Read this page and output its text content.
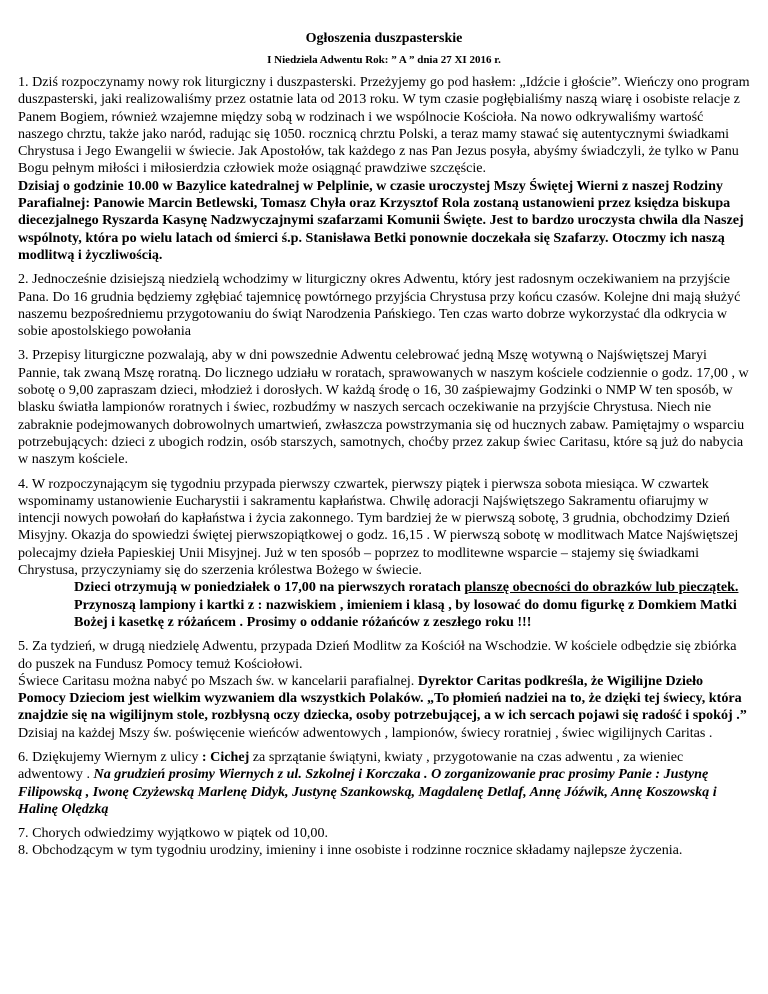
Ogłoszenia duszpasterskie
I Niedziela Adwentu Rok: ” A ” dnia 27 XI 2016 r.
1. Dziś rozpoczynamy nowy rok liturgiczny i duszpasterski. Przeżyjemy go pod hasłem: „Idźcie i głoście”. Wieńczy ono program duszpasterski, jaki realizowaliśmy przez ostatnie lata od 2013 roku. W tym czasie pogłębialiśmy naszą wiarę i osobiste relacje z Panem Bogiem, również wzajemne między sobą w rodzinach i we wspólnocie Kościoła. Na nowo odkrywaliśmy wartość naszego chrztu, także jako naród, radując się 1050. rocznicą chrztu Polski, a teraz mamy stawać się autentycznymi świadkami Chrystusa i Jego Ewangelii w świecie. Jak Apostołów, tak każdego z nas Pan Jezus posyła, abyśmy świadczyli, że tylko w Panu Bogu pełnym miłości i miłosierdzia człowiek może osiągnąć prawdziwe szczęście.
Dzisiaj o godzinie 10.00 w Bazylice katedralnej w Pelplinie, w czasie uroczystej Mszy Świętej Wierni z naszej Rodziny Parafialnej: Panowie Marcin Betlewski, Tomasz Chyła oraz Krzysztof Rola zostaną ustanowieni przez księdza biskupa diecezjalnego Ryszarda Kasynę Nadzwyczajnymi szafarzami Komunii Święte. Jest to bardzo uroczysta chwila dla Naszej wspólnoty, która po wielu latach od śmierci ś.p. Stanisława Betki ponownie doczekała się Szafarzy. Otoczmy ich naszą modlitwą i życzliwością.
2. Jednocześnie dzisiejszą niedzielą wchodzimy w liturgiczny okres Adwentu, który jest radosnym oczekiwaniem na przyjście Pana. Do 16 grudnia będziemy zgłębiać tajemnicę powtórnego przyjścia Chrystusa przy końcu czasów. Kolejne dni mają służyć naszemu bezpośredniemu przygotowaniu do świąt Narodzenia Pańskiego. Ten czas warto dobrze wykorzystać dla odkrycia w sobie apostolskiego powołania
3. Przepisy liturgiczne pozwalają, aby w dni powszednie Adwentu celebrować jedną Mszę wotywną o Najświętszej Maryi Pannie, tak zwaną Mszę roratną. Do licznego udziału w roratach, sprawowanych w naszym kościele codziennie o godz. 17,00 , w sobotę o 9,00 zapraszam dzieci, młodzież i dorosłych. W każdą środę o 16, 30 zaśpiewajmy Godzinki o NMP W ten sposób, w blasku światła lampionów roratnych i świec, rozbudźmy w naszych sercach oczekiwanie na przyjście Chrystusa. Niech nie zabraknie podejmowanych dobrowolnych umartwień, zwłaszcza powstrzymania się od hucznych zabaw. Pamiętajmy o wsparciu potrzebujących: dzieci z ubogich rodzin, osób starszych, samotnych, choćby przez zakup świec Caritasu, które są już do nabycia w naszym kościele.
4. W rozpoczynającym się tygodniu przypada pierwszy czwartek, pierwszy piątek i pierwsza sobota miesiąca. W czwartek wspominamy ustanowienie Eucharystii i sakramentu kapłaństwa. Chwilę adoracji Najświętszego Sakramentu ofiarujmy w intencji nowych powołań do kapłaństwa i życia zakonnego. Tym bardziej że w pierwszą sobotę, 3 grudnia, obchodzimy Dzień Misyjny. Okazja do spowiedzi świętej pierwszopiątkowej o godz. 16,15 . W pierwszą sobotę w modlitwach Matce Najświętszej polecajmy dzieła Papieskiej Unii Misyjnej. Już w ten sposób – poprzez to modlitewne wsparcie – stajemy się świadkami Chrystusa, przyczyniamy się do szerzenia królestwa Bożego w świecie.
Dzieci otrzymują w poniedziałek o 17,00 na pierwszych roratach planszę obecności do obrazków lub pieczątek. Przynoszą lampiony i kartki z : nazwiskiem , imieniem i klasą , by losować do domu figurkę z Domkiem Matki Bożej i kasetkę z różańcem . Prosimy o oddanie różańców z zeszłego roku !!!
5. Za tydzień, w drugą niedzielę Adwentu, przypada Dzień Modlitw za Kościół na Wschodzie. W kościele odbędzie się zbiórka do puszek na Fundusz Pomocy temuż Kościołowi.
Świece Caritasu można nabyć po Mszach św. w kancelarii parafialnej. Dyrektor Caritas podkreśla, że Wigilijne Dzieło Pomocy Dzieciom jest wielkim wyzwaniem dla wszystkich Polaków. „To płomień nadziei na to, że dzięki tej świecy, która znajdzie się na wigilijnym stole, rozbłysną oczy dziecka, osoby potrzebującej, a w ich sercach pojawi się radość i spokój .” Dzisiaj na każdej Mszy św. poświęcenie wieńców adwentowych , lampionów, świecy roratniej , świec wigilijnych Caritas .
6. Dziękujemy Wiernym z ulicy : Cichej za sprzątanie świątyni, kwiaty , przygotowanie na czas adwentu , za wieniec adwentowy . Na grudzień prosimy Wiernych z ul. Szkolnej i Korczaka . O zorganizowanie prac prosimy Panie : Justynę Filipowską , Iwonę Czyżewską Marlenę Didyk, Justynę Szankowską, Magdalenę Detlaf, Annę Jóźwik, Annę Koszowską i Halinę Olędzką
7. Chorych odwiedzimy wyjątkowo w piątek od 10,00.
8. Obchodzącym w tym tygodniu urodziny, imieniny i inne osobiste i rodzinne rocznice składamy najlepsze życzenia.
